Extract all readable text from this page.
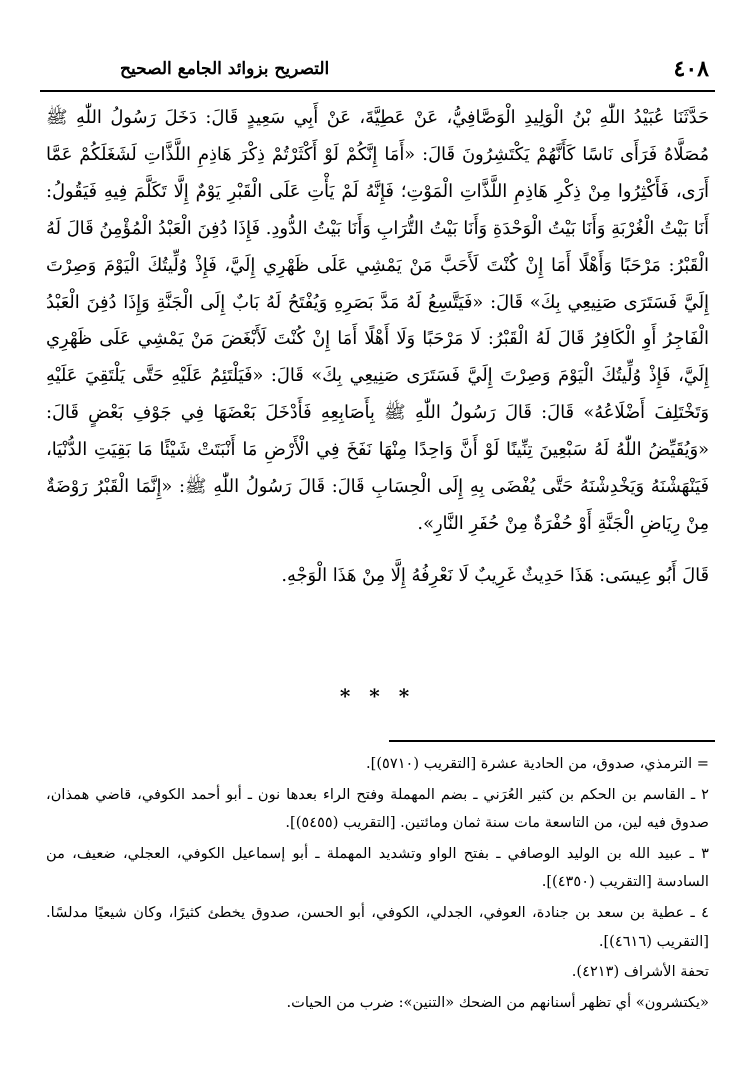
٤٠٨
التصريح بزوائد الجامع الصحيح

حَدَّثَنَا عُبَيْدُ اللّٰهِ بْنُ الْوَلِيدِ الْوَصَّافِيُّ، عَنْ عَطِيَّةَ، عَنْ أَبِي سَعِيدٍ قَالَ: دَخَلَ رَسُولُ اللّٰهِ ﷺ مُصَلَّاهُ فَرَأَى نَاسًا كَأَنَّهُمْ يَكْتَشِرُونَ قَالَ: «أَمَا إِنَّكُمْ لَوْ أَكْثَرْتُمْ ذِكْرَ هَاذِمِ اللَّذَّاتِ لَشَغَلَكُمْ عَمَّا أَرَى، فَأَكْثِرُوا مِنْ ذِكْرِ هَاذِمِ اللَّذَّاتِ الْمَوْتِ؛ فَإِنَّهُ لَمْ يَأْتِ عَلَى الْقَبْرِ يَوْمٌ إِلَّا تَكَلَّمَ فِيهِ فَيَقُولُ: أَنَا بَيْتُ الْغُرْبَةِ وَأَنَا بَيْتُ الْوَحْدَةِ وَأَنَا بَيْتُ التُّرَابِ وَأَنَا بَيْتُ الدُّودِ. فَإِذَا دُفِنَ الْعَبْدُ الْمُؤْمِنُ قَالَ لَهُ الْقَبْرُ: مَرْحَبًا وَأَهْلًا أَمَا إِنْ كُنْتَ لَأَحَبَّ مَنْ يَمْشِي عَلَى ظَهْرِي إِلَيَّ، فَإِذْ وُلِّيتُكَ الْيَوْمَ وَصِرْتَ إِلَيَّ فَسَتَرَى صَنِيعِي بِكَ» قَالَ: «فَيَتَّسِعُ لَهُ مَدَّ بَصَرِهِ وَيُفْتَحُ لَهُ بَابٌ إِلَى الْجَنَّةِ وَإِذَا دُفِنَ الْعَبْدُ الْفَاجِرُ أَوِ الْكَافِرُ قَالَ لَهُ الْقَبْرُ: لَا مَرْحَبًا وَلَا أَهْلًا أَمَا إِنْ كُنْتَ لَأَبْغَضَ مَنْ يَمْشِي عَلَى ظَهْرِي إِلَيَّ، فَإِذْ وُلِّيتُكَ الْيَوْمَ وَصِرْتَ إِلَيَّ فَسَتَرَى صَنِيعِي بِكَ» قَالَ: «فَيَلْتَئِمُ عَلَيْهِ حَتَّى يَلْتَقِيَ عَلَيْهِ وَتَخْتَلِفَ أَضْلَاعُهُ» قَالَ: قَالَ رَسُولُ اللّٰهِ ﷺ بِأَصَابِعِهِ فَأَدْخَلَ بَعْضَهَا فِي جَوْفِ بَعْضٍ قَالَ: «وَيُقَيِّضُ اللّٰهُ لَهُ سَبْعِينَ تِنِّينًا لَوْ أَنَّ وَاحِدًا مِنْهَا نَفَخَ فِي الْأَرْضِ مَا أَنْبَتَتْ شَيْئًا مَا بَقِيَتِ الدُّنْيَا، فَيَنْهَشْنَهُ وَيَخْدِشْنَهُ حَتَّى يُفْضَى بِهِ إِلَى الْحِسَابِ قَالَ: قَالَ رَسُولُ اللّٰهِ ﷺ: «إِنَّمَا الْقَبْرُ رَوْضَةٌ مِنْ رِيَاضِ الْجَنَّةِ أَوْ حُفْرَةٌ مِنْ حُفَرِ النَّارِ».

قَالَ أَبُو عِيسَى: هَذَا حَدِيثٌ غَرِيبٌ لَا نَعْرِفُهُ إِلَّا مِنْ هَذَا الْوَجْهِ.

* * *

= الترمذي، صدوق، من الحادية عشرة [التقريب (٥٧١٠)].

٢ ـ القاسم بن الحكم بن كثير العُرَني ـ بضم المهملة وفتح الراء بعدها نون ـ أبو أحمد الكوفي، قاضي همذان، صدوق فيه لين، من التاسعة مات سنة ثمان ومائتين. [التقريب (٥٤٥٥)].

٣ ـ عبيد الله بن الوليد الوصافي ـ بفتح الواو وتشديد المهملة ـ أبو إسماعيل الكوفي، العجلي، ضعيف، من السادسة [التقريب (٤٣٥٠)].

٤ ـ عطية بن سعد بن جنادة، العوفي، الجدلي، الكوفي، أبو الحسن، صدوق يخطئ كثيرًا، وكان شيعيًا مدلسًا. [التقريب (٤٦١٦)].

تحفة الأشراف (٤٢١٣).

«يكتشرون» أي تظهر أسنانهم من الضحك «التنين»: ضرب من الحيات.
